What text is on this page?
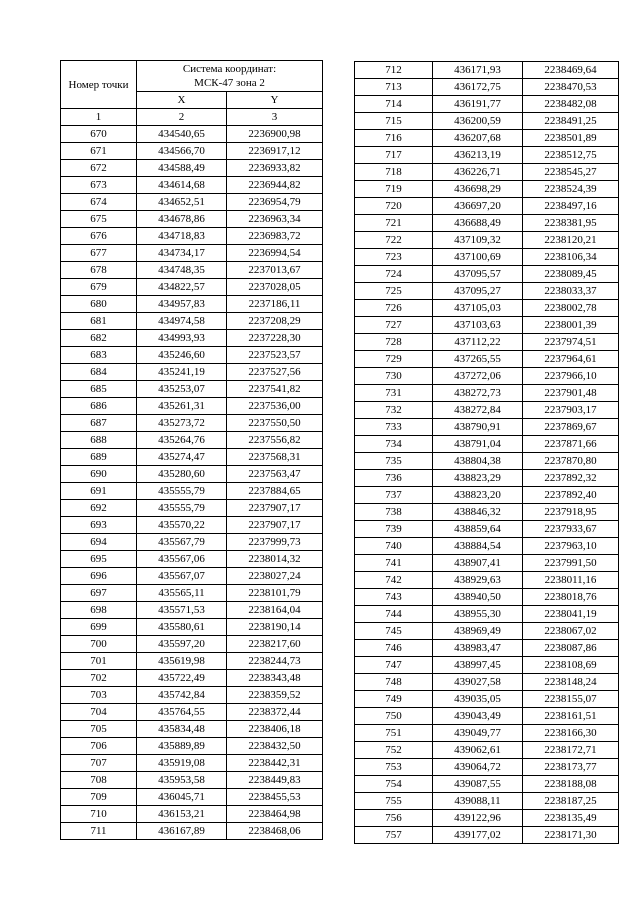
Номер точки	Система координат:
МСК-47 зона 2	
	X	Y
1	2	3
670	434540,65	2236900,98
671	434566,70	2236917,12
672	434588,49	2236933,82
673	434614,68	2236944,82
674	434652,51	2236954,79
675	434678,86	2236963,34
676	434718,83	2236983,72
677	434734,17	2236994,54
678	434748,35	2237013,67
679	434822,57	2237028,05
680	434957,83	2237186,11
681	434974,58	2237208,29
682	434993,93	2237228,30
683	435246,60	2237523,57
684	435241,19	2237527,56
685	435253,07	2237541,82
686	435261,31	2237536,00
687	435273,72	2237550,50
688	435264,76	2237556,82
689	435274,47	2237568,31
690	435280,60	2237563,47
691	435555,79	2237884,65
692	435555,79	2237907,17
693	435570,22	2237907,17
694	435567,79	2237999,73
695	435567,06	2238014,32
696	435567,07	2238027,24
697	435565,11	2238101,79
698	435571,53	2238164,04
699	435580,61	2238190,14
700	435597,20	2238217,60
701	435619,98	2238244,73
702	435722,49	2238343,48
703	435742,84	2238359,52
704	435764,55	2238372,44
705	435834,48	2238406,18
706	435889,89	2238432,50
707	435919,08	2238442,31
708	435953,58	2238449,83
709	436045,71	2238455,53
710	436153,21	2238464,98
711	436167,89	2238468,06
712	436171,93	2238469,64
713	436172,75	2238470,53
714	436191,77	2238482,08
715	436200,59	2238491,25
716	436207,68	2238501,89
717	436213,19	2238512,75
718	436226,71	2238545,27
719	436698,29	2238524,39
720	436697,20	2238497,16
721	436688,49	2238381,95
722	437109,32	2238120,21
723	437100,69	2238106,34
724	437095,57	2238089,45
725	437095,27	2238033,37
726	437105,03	2238002,78
727	437103,63	2238001,39
728	437112,22	2237974,51
729	437265,55	2237964,61
730	437272,06	2237966,10
731	438272,73	2237901,48
732	438272,84	2237903,17
733	438790,91	2237869,67
734	438791,04	2237871,66
735	438804,38	2237870,80
736	438823,29	2237892,32
737	438823,20	2237892,40
738	438846,32	2237918,95
739	438859,64	2237933,67
740	438884,54	2237963,10
741	438907,41	2237991,50
742	438929,63	2238011,16
743	438940,50	2238018,76
744	438955,30	2238041,19
745	438969,49	2238067,02
746	438983,47	2238087,86
747	438997,45	2238108,69
748	439027,58	2238148,24
749	439035,05	2238155,07
750	439043,49	2238161,51
751	439049,77	2238166,30
752	439062,61	2238172,71
753	439064,72	2238173,77
754	439087,55	2238188,08
755	439088,11	2238187,25
756	439122,96	2238135,49
757	439177,02	2238171,30
